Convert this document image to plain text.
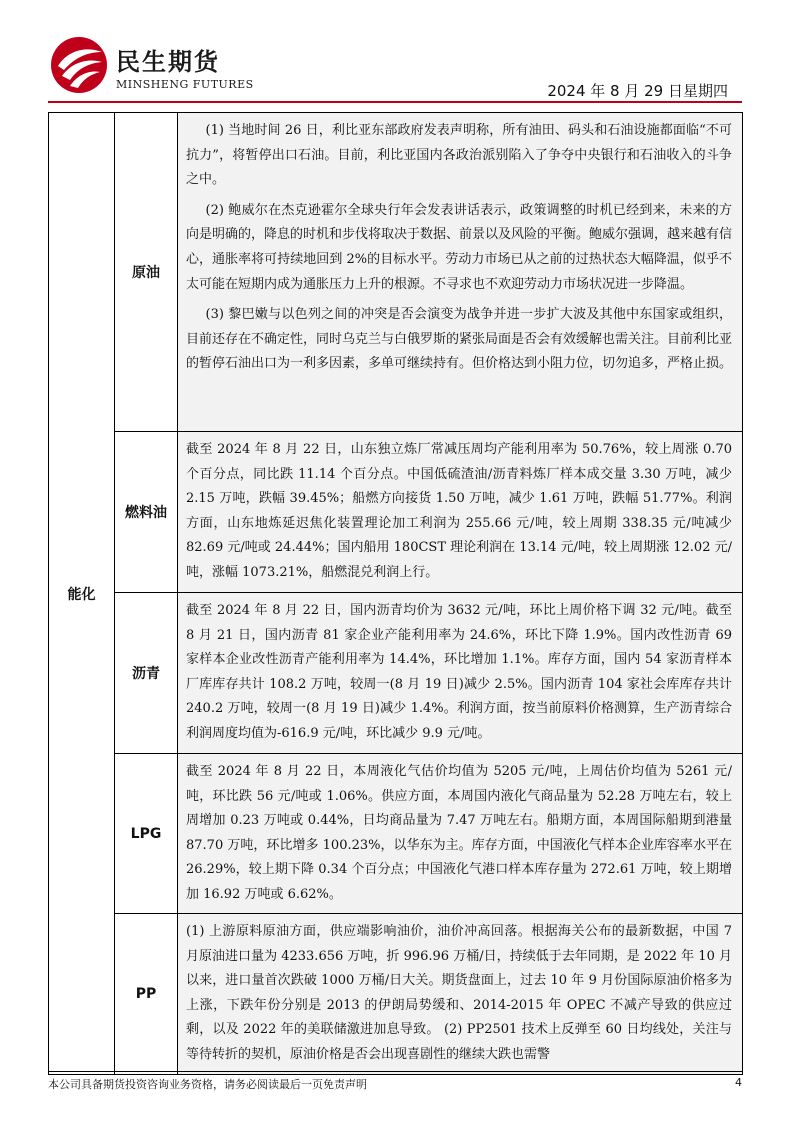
民生期货
MINSHENG FUTURES	2024 年 8 月 29 日星期四
能化	原油	(1) 当地时间 26 日，利比亚东部政府发表声明称，所有油田、码头和石油设施都面临“不可抗力”，将暂停出口石油。目前，利比亚国内各政治派别陷入了争夺中央银行和石油收入的斗争之中。

(2) 鲍威尔在杰克逊霍尔全球央行年会发表讲话表示，政策调整的时机已经到来，未来的方向是明确的，降息的时机和步伐将取决于数据、前景以及风险的平衡。鲍威尔强调，越来越有信心，通胀率将可持续地回到 2%的目标水平。劳动力市场已从之前的过热状态大幅降温，似乎不太可能在短期内成为通胀压力上升的根源。不寻求也不欢迎劳动力市场状况进一步降温。

(3) 黎巴嫩与以色列之间的冲突是否会演变为战争并进一步扩大波及其他中东国家或组织，目前还存在不确定性，同时乌克兰与白俄罗斯的紧张局面是否会有效缓解也需关注。目前利比亚的暂停石油出口为一利多因素，多单可继续持有。但价格达到小阻力位，切勿追多，严格止损。

	燃料油	截至 2024 年 8 月 22 日，山东独立炼厂常减压周均产能利用率为 50.76%，较上周涨 0.70 个百分点，同比跌 11.14 个百分点。中国低硫渣油/沥青料炼厂样本成交量 3.30 万吨，减少 2.15 万吨，跌幅 39.45%；船燃方向接货 1.50 万吨，减少 1.61 万吨，跌幅 51.77%。利润方面，山东地炼延迟焦化装置理论加工利润为 255.66 元/吨，较上周期 338.35 元/吨减少 82.69 元/吨或 24.44%；国内船用 180CST 理论利润在 13.14 元/吨，较上周期涨 12.02 元/吨，涨幅 1073.21%，船燃混兑利润上行。

	沥青	截至 2024 年 8 月 22 日，国内沥青均价为 3632 元/吨，环比上周价格下调 32 元/吨。截至 8 月 21 日，国内沥青 81 家企业产能利用率为 24.6%，环比下降 1.9%。国内改性沥青 69 家样本企业改性沥青产能利用率为 14.4%，环比增加 1.1%。库存方面，国内 54 家沥青样本厂库库存共计 108.2 万吨，较周一(8 月 19 日)减少 2.5%。国内沥青 104 家社会库库存共计 240.2 万吨，较周一(8 月 19 日)减少 1.4%。利润方面，按当前原料价格测算，生产沥青综合利润周度均值为-616.9 元/吨，环比减少 9.9 元/吨。

	LPG	截至 2024 年 8 月 22 日，本周液化气估价均值为 5205 元/吨，上周估价均值为 5261 元/吨，环比跌 56 元/吨或 1.06%。供应方面，本周国内液化气商品量为 52.28 万吨左右，较上周增加 0.23 万吨或 0.44%，日均商品量为 7.47 万吨左右。船期方面，本周国际船期到港量 87.70 万吨，环比增多 100.23%，以华东为主。库存方面，中国液化气样本企业库容率水平在 26.29%，较上期下降 0.34 个百分点；中国液化气港口样本库存量为 272.61 万吨，较上期增加 16.92 万吨或 6.62%。

	PP	(1) 上游原料原油方面，供应端影响油价，油价冲高回落。根据海关公布的最新数据，中国 7 月原油进口量为 4233.656 万吨，折 996.96 万桶/日，持续低于去年同期，是 2022 年 10 月以来，进口量首次跌破 1000 万桶/日大关。期货盘面上，过去 10 年 9 月份国际原油价格多为上涨，下跌年份分别是 2013 的伊朗局势缓和、2014-2015 年 OPEC 不减产导致的供应过剩，以及 2022 年的美联储激进加息导致。 (2) PP2501 技术上反弹至 60 日均线处，关注与等待转折的契机，原油价格是否会出现喜剧性的继续大跌也需警

本公司具备期货投资咨询业务资格，请务必阅读最后一页免责声明	4
